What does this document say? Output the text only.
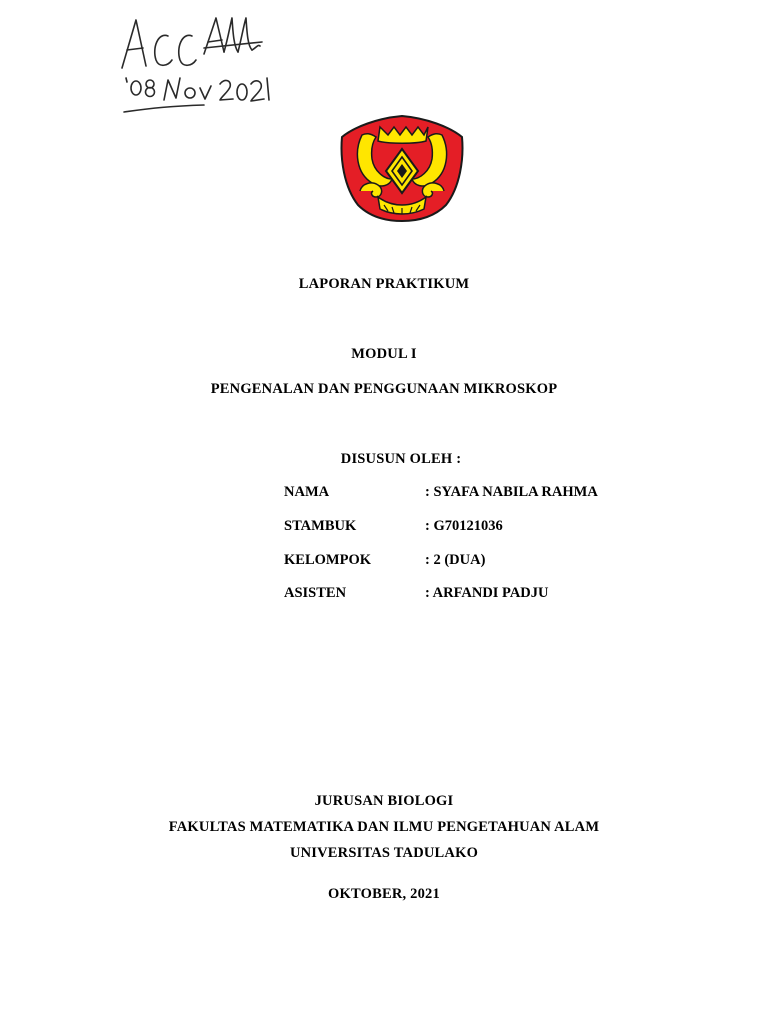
LAPORAN PRAKTIKUM
MODUL I
PENGENALAN DAN PENGGUNAAN MIKROSKOP
DISUSUN OLEH :
NAMA	: SYAFA NABILA RAHMA
STAMBUK	: G70121036
KELOMPOK	: 2 (DUA)
ASISTEN	: ARFANDI PADJU
JURUSAN BIOLOGI
FAKULTAS MATEMATIKA DAN ILMU PENGETAHUAN ALAM
UNIVERSITAS TADULAKO
OKTOBER, 2021
